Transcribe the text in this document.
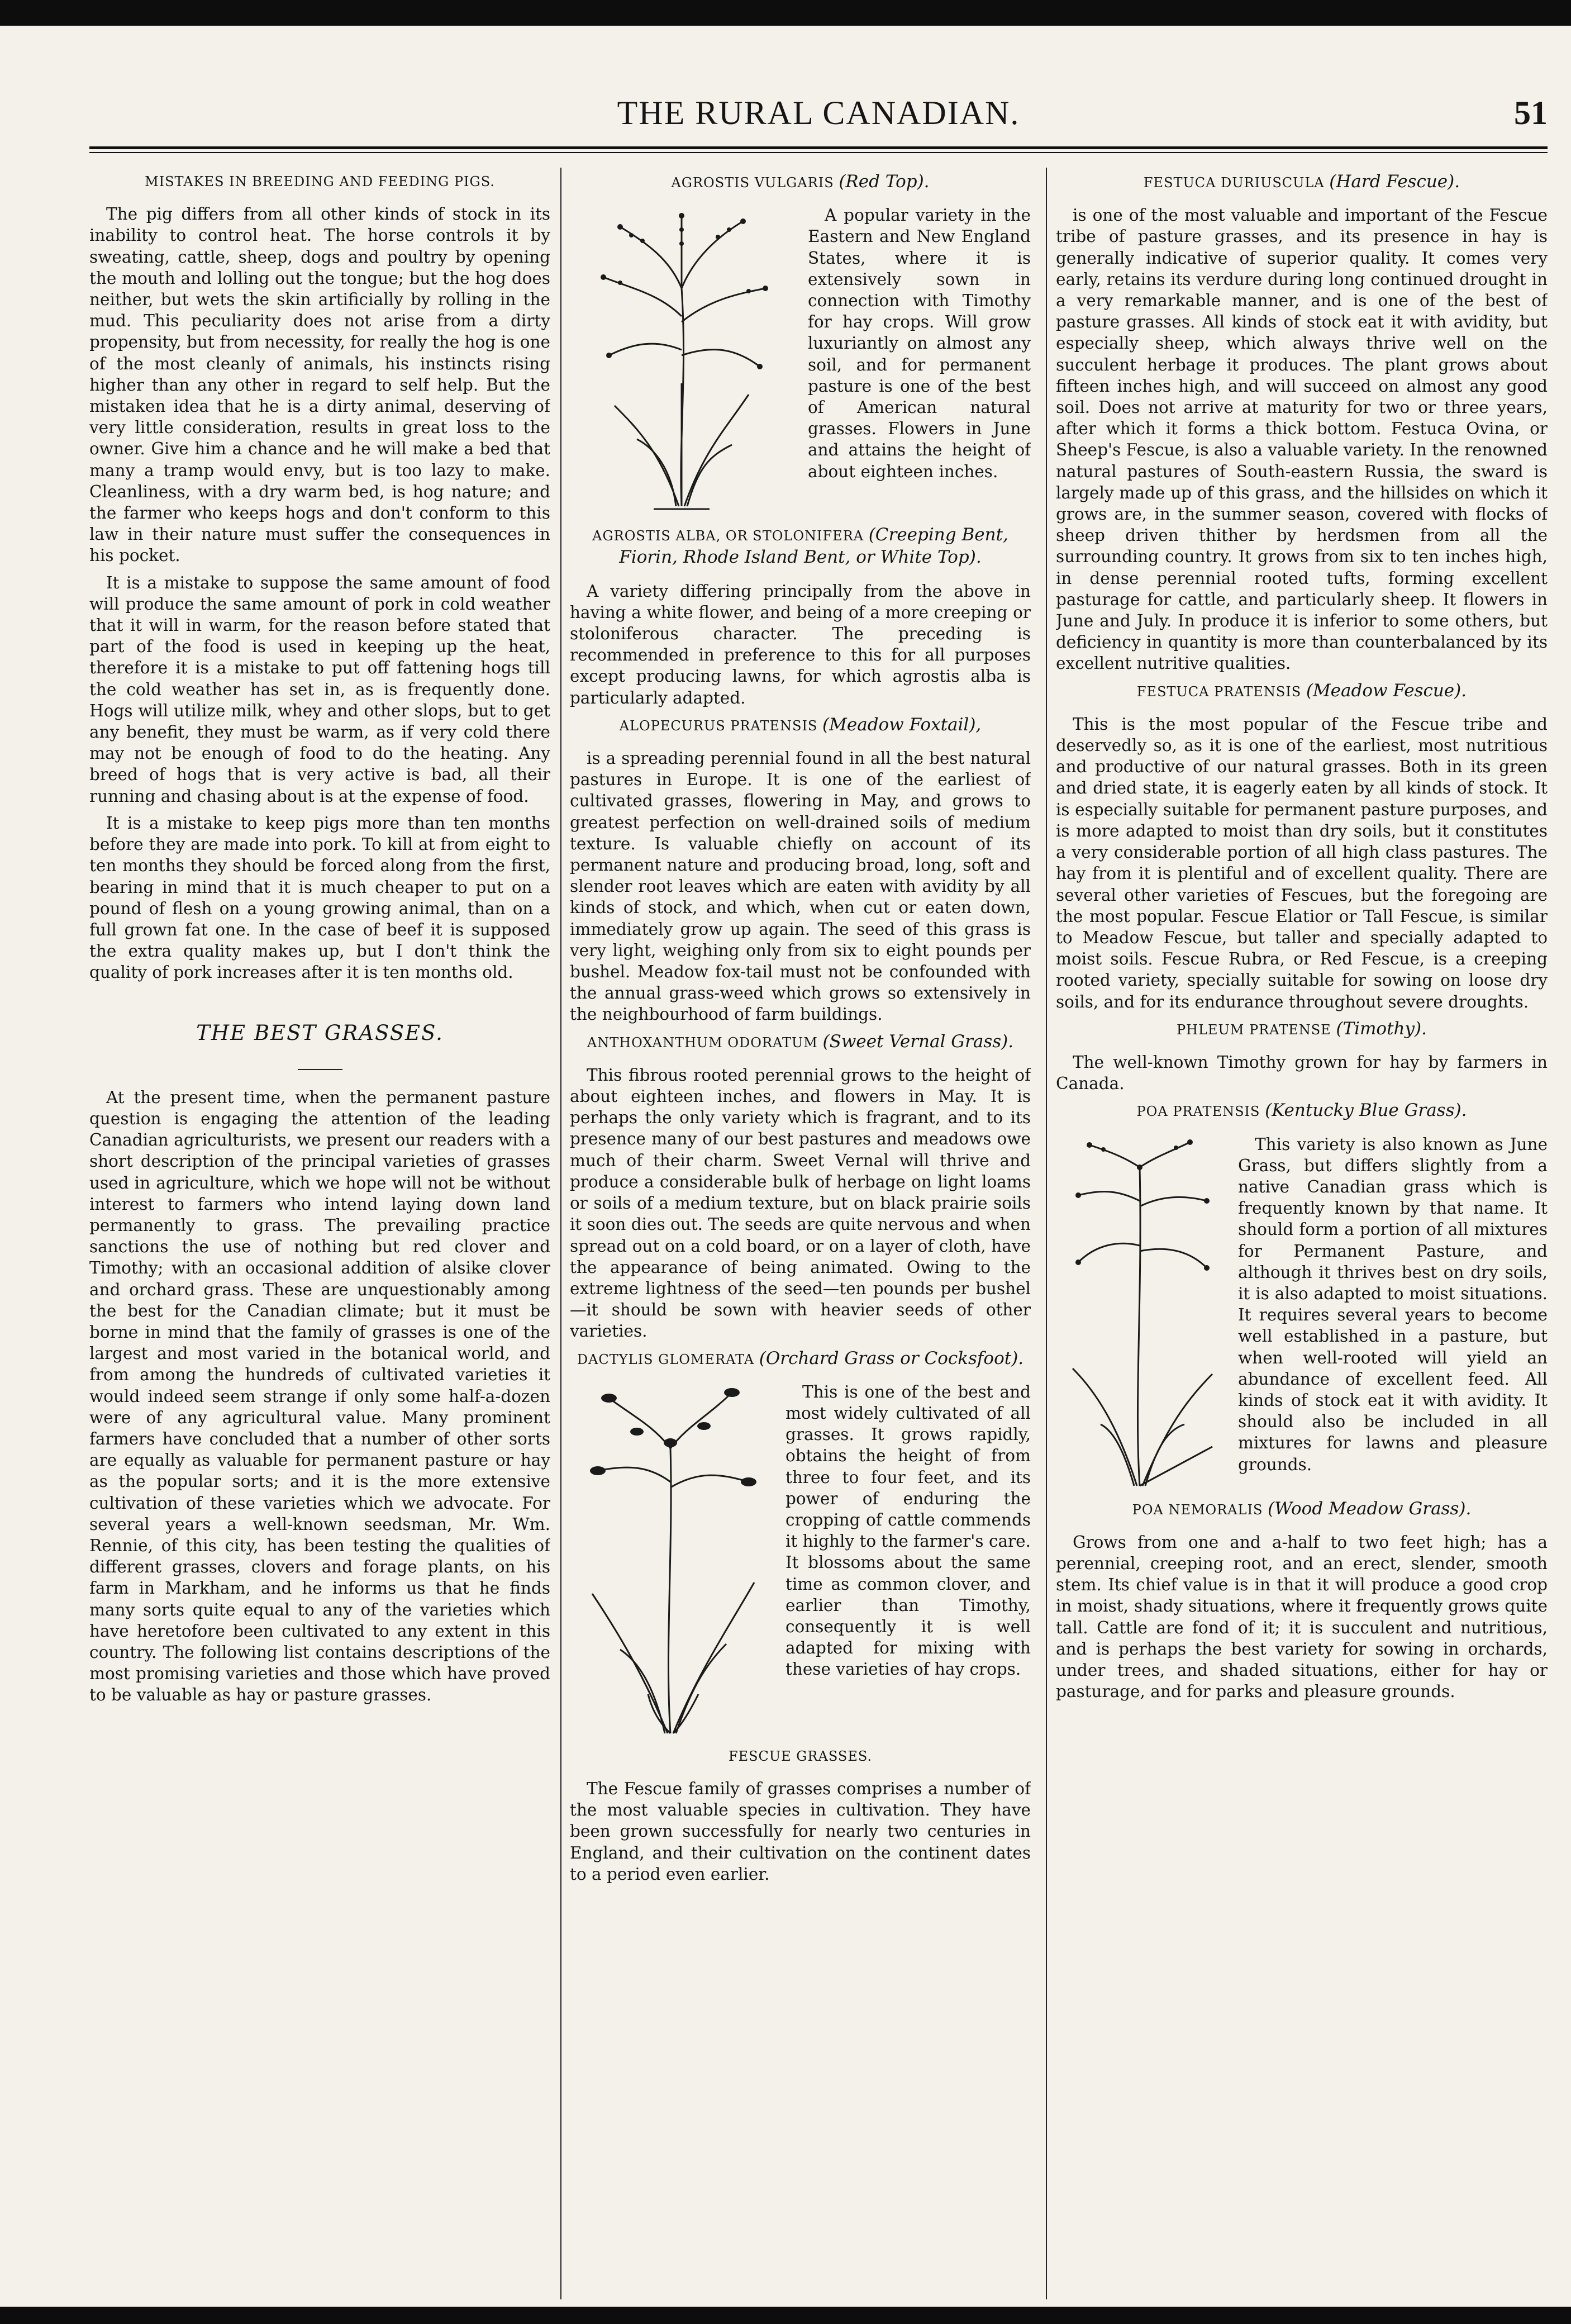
THE RURAL CANADIAN.	51
MISTAKES IN BREEDING AND FEEDING PIGS.

The pig differs from all other kinds of stock in its inability to control heat. The horse controls it by sweating, cattle, sheep, dogs and poultry by opening the mouth and lolling out the tongue; but the hog does neither, but wets the skin artificially by rolling in the mud. This peculiarity does not arise from a dirty propensity, but from necessity, for really the hog is one of the most cleanly of animals, his instincts rising higher than any other in regard to self help. But the mistaken idea that he is a dirty animal, deserving of very little consideration, results in great loss to the owner. Give him a chance and he will make a bed that many a tramp would envy, but is too lazy to make. Cleanliness, with a dry warm bed, is hog nature; and the farmer who keeps hogs and don't conform to this law in their nature must suffer the consequences in his pocket.

It is a mistake to suppose the same amount of food will produce the same amount of pork in cold weather that it will in warm, for the reason before stated that part of the food is used in keeping up the heat, therefore it is a mistake to put off fattening hogs till the cold weather has set in, as is frequently done. Hogs will utilize milk, whey and other slops, but to get any benefit, they must be warm, as if very cold there may not be enough of food to do the heating. Any breed of hogs that is very active is bad, all their running and chasing about is at the expense of food.

It is a mistake to keep pigs more than ten months before they are made into pork. To kill at from eight to ten months they should be forced along from the first, bearing in mind that it is much cheaper to put on a pound of flesh on a young growing animal, than on a full grown fat one. In the case of beef it is supposed the extra quality makes up, but I don't think the quality of pork increases after it is ten months old.

THE BEST GRASSES.

At the present time, when the permanent pasture question is engaging the attention of the leading Canadian agriculturists, we present our readers with a short description of the principal varieties of grasses used in agriculture, which we hope will not be without interest to farmers who intend laying down land permanently to grass. The prevailing practice sanctions the use of nothing but red clover and Timothy; with an occasional addition of alsike clover and orchard grass. These are unquestionably among the best for the Canadian climate; but it must be borne in mind that the family of grasses is one of the largest and most varied in the botanical world, and from among the hundreds of cultivated varieties it would indeed seem strange if only some half-a-dozen were of any agricultural value. Many prominent farmers have concluded that a number of other sorts are equally as valuable for permanent pasture or hay as the popular sorts; and it is the more extensive cultivation of these varieties which we advocate. For several years a well-known seedsman, Mr. Wm. Rennie, of this city, has been testing the qualities of different grasses, clovers and forage plants, on his farm in Markham, and he informs us that he finds many sorts quite equal to any of the varieties which have heretofore been cultivated to any extent in this country. The following list contains descriptions of the most promising varieties and those which have proved to be valuable as hay or pasture grasses.

AGROSTIS VULGARIS (Red Top).

A popular variety in the Eastern and New England States, where it is extensively sown in connection with Timothy for hay crops. Will grow luxuriantly on almost any soil, and for permanent pasture is one of the best of American natural grasses. Flowers in June and attains the height of about eighteen inches.

AGROSTIS ALBA, OR STOLONIFERA (Creeping Bent, Fiorin, Rhode Island Bent, or White Top).

A variety differing principally from the above in having a white flower, and being of a more creeping or stoloniferous character. The preceding is recommended in preference to this for all purposes except producing lawns, for which agrostis alba is particularly adapted.

ALOPECURUS PRATENSIS (Meadow Foxtail),

is a spreading perennial found in all the best natural pastures in Europe. It is one of the earliest of cultivated grasses, flowering in May, and grows to greatest perfection on well-drained soils of medium texture. Is valuable chiefly on account of its permanent nature and producing broad, long, soft and slender root leaves which are eaten with avidity by all kinds of stock, and which, when cut or eaten down, immediately grow up again. The seed of this grass is very light, weighing only from six to eight pounds per bushel. Meadow fox-tail must not be confounded with the annual grass-weed which grows so extensively in the neighbourhood of farm buildings.

ANTHOXANTHUM ODORATUM (Sweet Vernal Grass).

This fibrous rooted perennial grows to the height of about eighteen inches, and flowers in May. It is perhaps the only variety which is fragrant, and to its presence many of our best pastures and meadows owe much of their charm. Sweet Vernal will thrive and produce a considerable bulk of herbage on light loams or soils of a medium texture, but on black prairie soils it soon dies out. The seeds are quite nervous and when spread out on a cold board, or on a layer of cloth, have the appearance of being animated. Owing to the extreme lightness of the seed—ten pounds per bushel—it should be sown with heavier seeds of other varieties.

DACTYLIS GLOMERATA (Orchard Grass or Cocksfoot).

This is one of the best and most widely cultivated of all grasses. It grows rapidly, obtains the height of from three to four feet, and its power of enduring the cropping of cattle commends it highly to the farmer's care. It blossoms about the same time as common clover, and earlier than Timothy, consequently it is well adapted for mixing with these varieties of hay crops.

FESCUE GRASSES.

The Fescue family of grasses comprises a number of the most valuable species in cultivation. They have been grown successfully for nearly two centuries in England, and their cultivation on the continent dates to a period even earlier.

FESTUCA DURIUSCULA (Hard Fescue).

is one of the most valuable and important of the Fescue tribe of pasture grasses, and its presence in hay is generally indicative of superior quality. It comes very early, retains its verdure during long continued drought in a very remarkable manner, and is one of the best of pasture grasses. All kinds of stock eat it with avidity, but especially sheep, which always thrive well on the succulent herbage it produces. The plant grows about fifteen inches high, and will succeed on almost any good soil. Does not arrive at maturity for two or three years, after which it forms a thick bottom. Festuca Ovina, or Sheep's Fescue, is also a valuable variety. In the renowned natural pastures of South-eastern Russia, the sward is largely made up of this grass, and the hillsides on which it grows are, in the summer season, covered with flocks of sheep driven thither by herdsmen from all the surrounding country. It grows from six to ten inches high, in dense perennial rooted tufts, forming excellent pasturage for cattle, and particularly sheep. It flowers in June and July. In produce it is inferior to some others, but deficiency in quantity is more than counterbalanced by its excellent nutritive qualities.

FESTUCA PRATENSIS (Meadow Fescue).

This is the most popular of the Fescue tribe and deservedly so, as it is one of the earliest, most nutritious and productive of our natural grasses. Both in its green and dried state, it is eagerly eaten by all kinds of stock. It is especially suitable for permanent pasture purposes, and is more adapted to moist than dry soils, but it constitutes a very considerable portion of all high class pastures. The hay from it is plentiful and of excellent quality. There are several other varieties of Fescues, but the foregoing are the most popular. Fescue Elatior or Tall Fescue, is similar to Meadow Fescue, but taller and specially adapted to moist soils. Fescue Rubra, or Red Fescue, is a creeping rooted variety, specially suitable for sowing on loose dry soils, and for its endurance throughout severe droughts.

PHLEUM PRATENSE (Timothy).

The well-known Timothy grown for hay by farmers in Canada.

POA PRATENSIS (Kentucky Blue Grass).

This variety is also known as June Grass, but differs slightly from a native Canadian grass which is frequently known by that name. It should form a portion of all mixtures for Permanent Pasture, and although it thrives best on dry soils, it is also adapted to moist situations. It requires several years to become well established in a pasture, but when well-rooted will yield an abundance of excellent feed. All kinds of stock eat it with avidity. It should also be included in all mixtures for lawns and pleasure grounds.

POA NEMORALIS (Wood Meadow Grass).

Grows from one and a-half to two feet high; has a perennial, creeping root, and an erect, slender, smooth stem. Its chief value is in that it will produce a good crop in moist, shady situations, where it frequently grows quite tall. Cattle are fond of it; it is succulent and nutritious, and is perhaps the best variety for sowing in orchards, under trees, and shaded situations, either for hay or pasturage, and for parks and pleasure grounds.
